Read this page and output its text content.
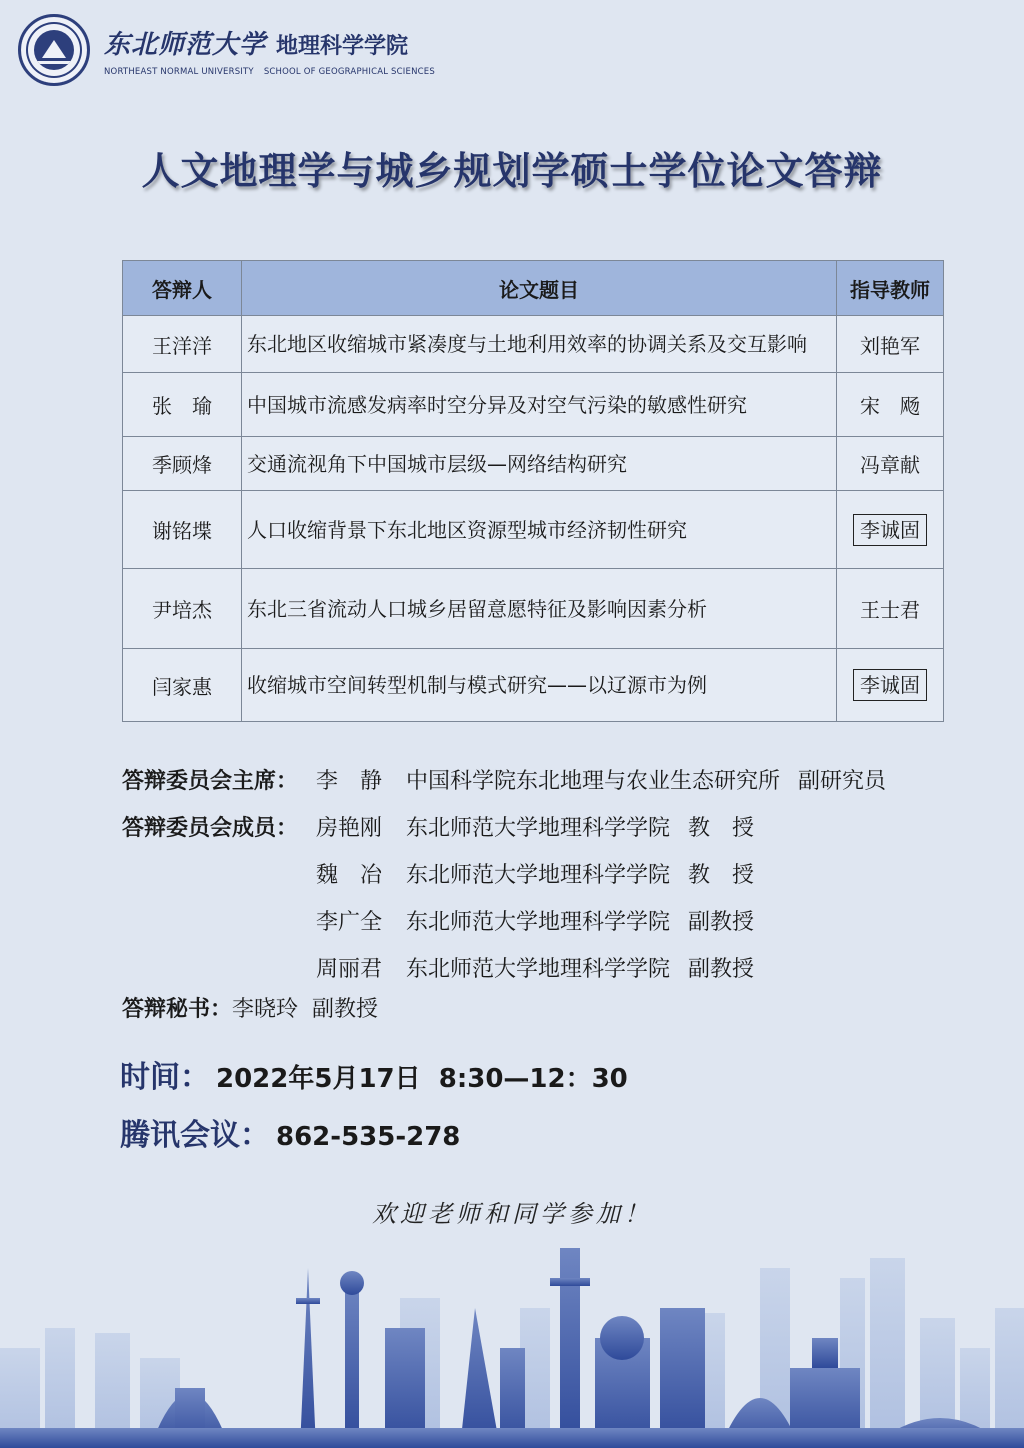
东北师范大学 地理科学学院
NORTHEAST NORMAL UNIVERSITY SCHOOL OF GEOGRAPHICAL SCIENCES
人文地理学与城乡规划学硕士学位论文答辩
答辩人	论文题目	指导教师
王洋洋	东北地区收缩城市紧凑度与土地利用效率的协调关系及交互影响	刘艳军
张　瑜	中国城市流感发病率时空分异及对空气污染的敏感性研究	宋　飏
季顾烽	交通流视角下中国城市层级—网络结构研究	冯章献
谢铭堞	人口收缩背景下东北地区资源型城市经济韧性研究	李诚固
尹培杰	东北三省流动人口城乡居留意愿特征及影响因素分析	王士君
闫家惠	收缩城市空间转型机制与模式研究——以辽源市为例	李诚固
答辩委员会主席： 李　静	中国科学院东北地理与农业生态研究所 副研究员
答辩委员会成员： 房艳刚	东北师范大学地理科学学院 教　授
魏　冶	东北师范大学地理科学学院 教　授
李广全	东北师范大学地理科学学院 副教授
周丽君	东北师范大学地理科学学院 副教授
答辩秘书：李晓玲 副教授
时间： 2022年5月17日  8:30—12：30
腾讯会议： 862-535-278
欢迎老师和同学参加！
